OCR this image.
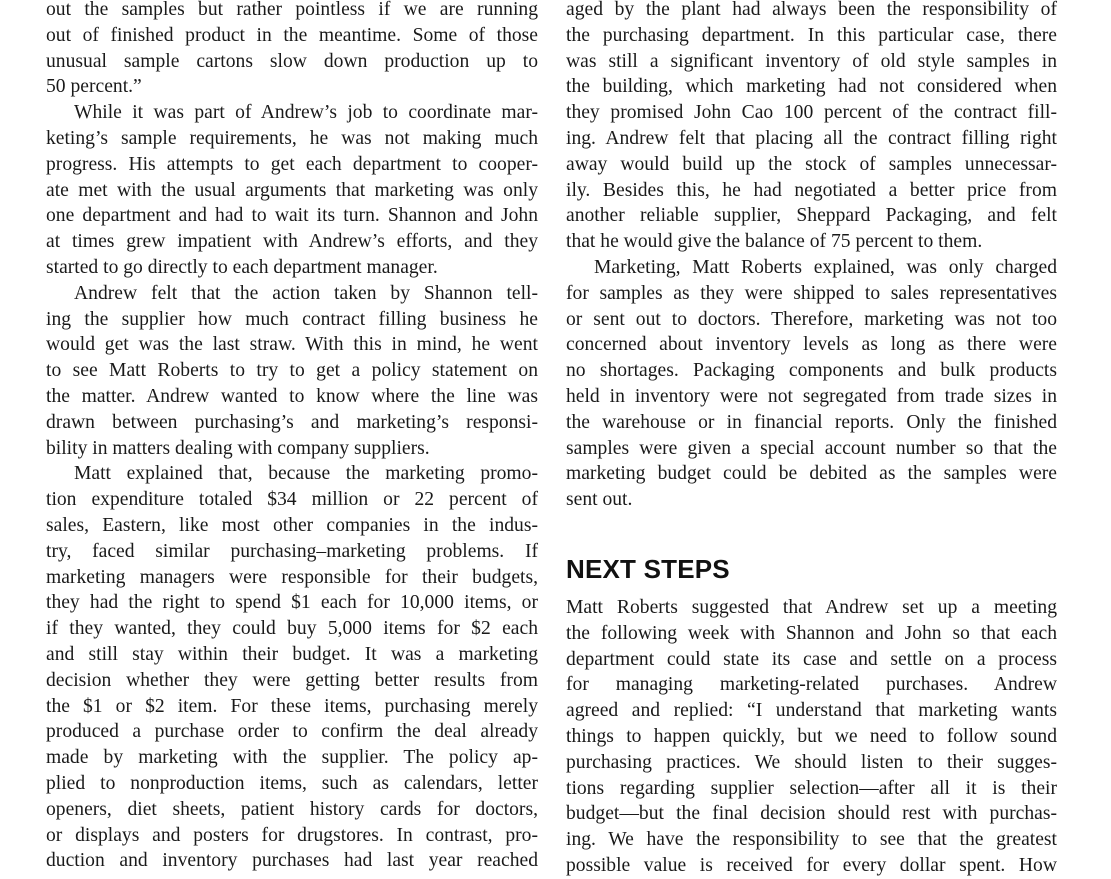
out the samples but rather pointless if we are running
out of finished product in the meantime. Some of those
unusual sample cartons slow down production up to
50 percent.”
While it was part of Andrew’s job to coordinate mar-
keting’s sample requirements, he was not making much
progress. His attempts to get each department to cooper-
ate met with the usual arguments that marketing was only
one department and had to wait its turn. Shannon and John
at times grew impatient with Andrew’s efforts, and they
started to go directly to each department manager.
Andrew felt that the action taken by Shannon tell-
ing the supplier how much contract filling business he
would get was the last straw. With this in mind, he went
to see Matt Roberts to try to get a policy statement on
the matter. Andrew wanted to know where the line was
drawn between purchasing’s and marketing’s responsi-
bility in matters dealing with company suppliers.
Matt explained that, because the marketing promo-
tion expenditure totaled $34 million or 22 percent of
sales, Eastern, like most other companies in the indus-
try, faced similar purchasing–marketing problems. If
marketing managers were responsible for their budgets,
they had the right to spend $1 each for 10,000 items, or
if they wanted, they could buy 5,000 items for $2 each
and still stay within their budget. It was a marketing
decision whether they were getting better results from
the $1 or $2 item. For these items, purchasing merely
produced a purchase order to confirm the deal already
made by marketing with the supplier. The policy ap-
plied to nonproduction items, such as calendars, letter
openers, diet sheets, patient history cards for doctors,
or displays and posters for drugstores. In contrast, pro-
duction and inventory purchases had last year reached
aged by the plant had always been the responsibility of
the purchasing department. In this particular case, there
was still a significant inventory of old style samples in
the building, which marketing had not considered when
they promised John Cao 100 percent of the contract fill-
ing. Andrew felt that placing all the contract filling right
away would build up the stock of samples unnecessar-
ily. Besides this, he had negotiated a better price from
another reliable supplier, Sheppard Packaging, and felt
that he would give the balance of 75 percent to them.
Marketing, Matt Roberts explained, was only charged
for samples as they were shipped to sales representatives
or sent out to doctors. Therefore, marketing was not too
concerned about inventory levels as long as there were
no shortages. Packaging components and bulk products
held in inventory were not segregated from trade sizes in
the warehouse or in financial reports. Only the finished
samples were given a special account number so that the
marketing budget could be debited as the samples were
sent out.
NEXT STEPS
Matt Roberts suggested that Andrew set up a meeting
the following week with Shannon and John so that each
department could state its case and settle on a process
for managing marketing-related purchases. Andrew
agreed and replied: “I understand that marketing wants
things to happen quickly, but we need to follow sound
purchasing practices. We should listen to their sugges-
tions regarding supplier selection—after all it is their
budget—but the final decision should rest with purchas-
ing. We have the responsibility to see that the greatest
possible value is received for every dollar spent. How
